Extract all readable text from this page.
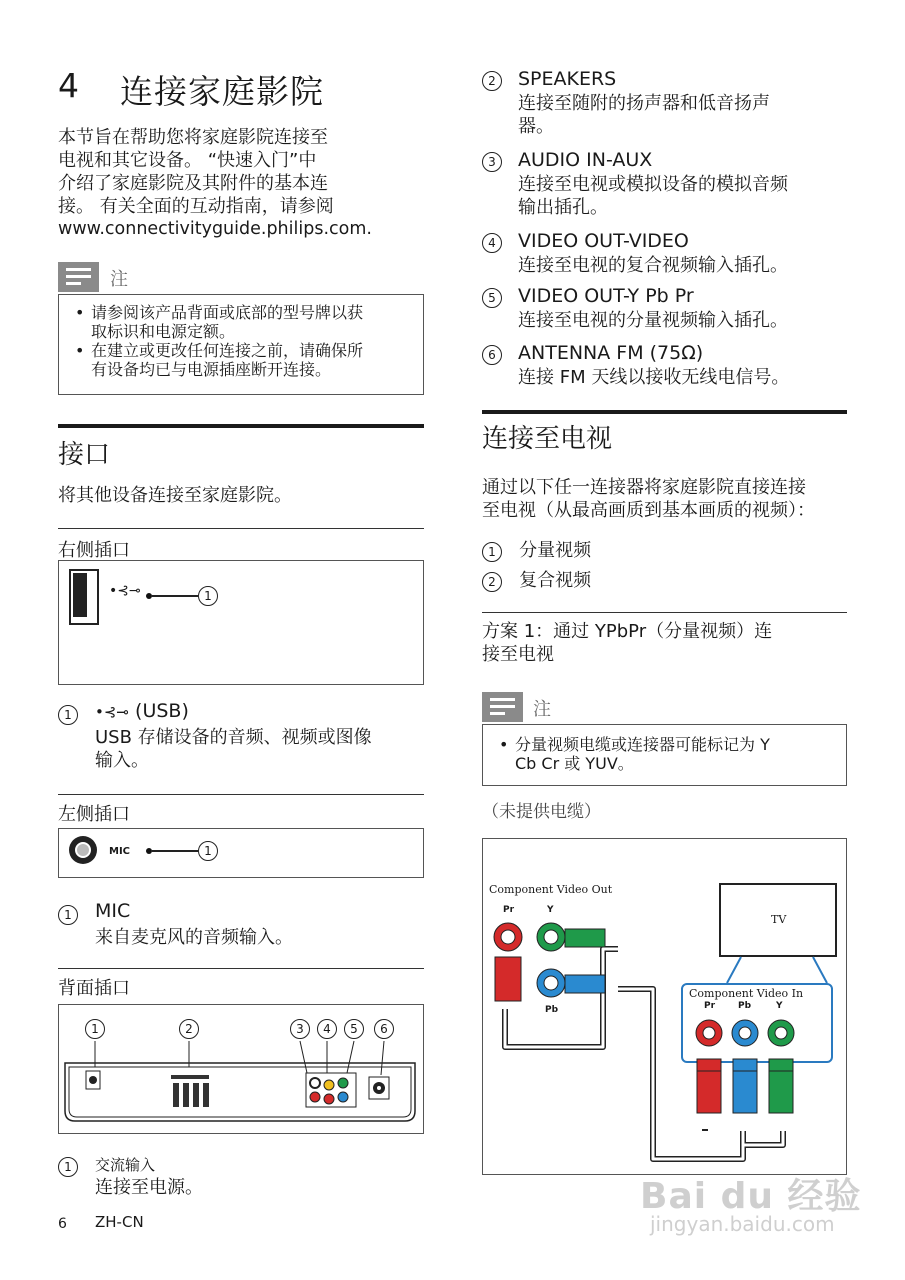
4 连接家庭影院
本节旨在帮助您将家庭影院连接至
电视和其它设备。 “快速入门”中
介绍了家庭影院及其附件的基本连
接。 有关全面的互动指南，请参阅
www.connectivityguide.philips.com.
注
• 请参阅该产品背面或底部的型号牌以获
取标识和电源定额。
• 在建立或更改任何连接之前，请确保所
有设备均已与电源插座断开连接。
接口
将其他设备连接至家庭影院。
右侧插口
•⊰⊸	1
1	•⊰⊸ (USB)
USB 存储设备的音频、视频或图像
输入。
左侧插口
MIC	1
1	MIC
来自麦克风的音频输入。
背面插口
1	2	3	4	5	6
1	交流输入
连接至电源。
6 ZH-CN
2	SPEAKERS
连接至随附的扬声器和低音扬声
器。
3	AUDIO IN-AUX
连接至电视或模拟设备的模拟音频
输出插孔。
4	VIDEO OUT-VIDEO
连接至电视的复合视频输入插孔。
5	VIDEO OUT-Y Pb Pr
连接至电视的分量视频输入插孔。
6	ANTENNA FM (75Ω)
连接 FM 天线以接收无线电信号。
连接至电视
通过以下任一连接器将家庭影院直接连接
至电视（从最高画质到基本画质的视频）：
1 分量视频
2 复合视频
方案 1：通过 YPbPr（分量视频）连
接至电视
注
• 分量视频电缆或连接器可能标记为 Y
Cb Cr 或 YUV。
（未提供电缆）
Component Video Out
Pr	Y
Pb
TV
Component Video In
Pr	Pb	Y
Bai du 经验
jingyan.baidu.com
